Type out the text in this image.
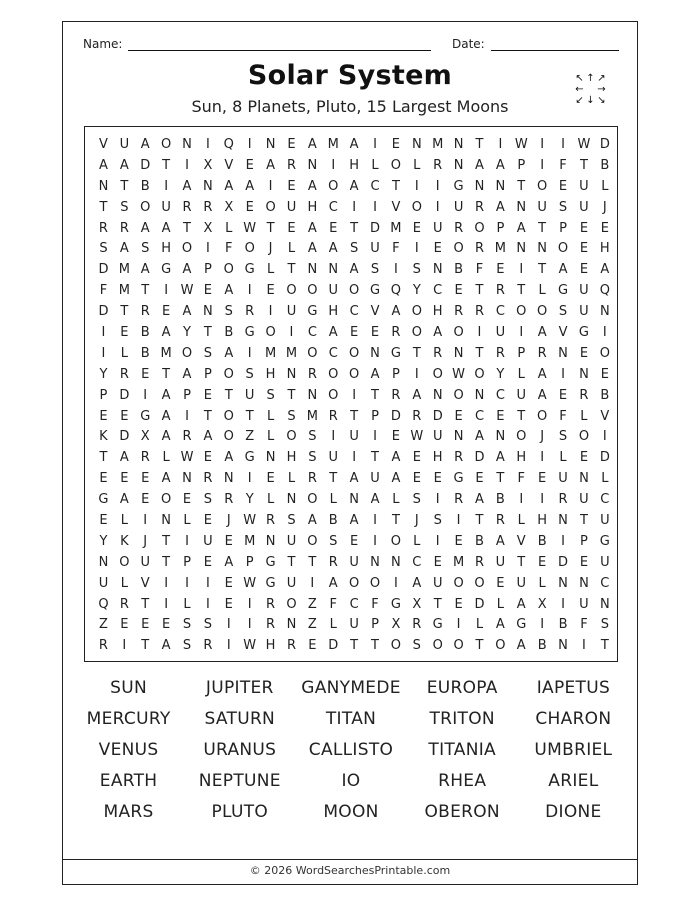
Name:	Date:
Solar System
Sun, 8 Planets, Pluto, 15 Largest Moons
↖ ↑ ↗
← →
↙ ↓ ↘
V U A O N	I	Q	I	N E A M A	I	E N M N T	I W I	I W D
A A D T	I	X V E A R N	I	H L O L R N A A P	I	F	T B
N T B	I	A N A A	I	E A O A C T	I	I	G N N T O E U L
T S O U R R X E O U H C	I	I	V O	I	U R A N U S U	J
R R A A T X L W T E A E T D M E U R O P A T P E E
S A S H O	I	F O	J	L A A S U F	I	E O R M N N O E H
D M A G A P O G L	T N N A S	I	S N B F	E	I	T A E A
F M T	I W E A	I	E O O U O G Q Y C E T R T	L G U Q
D T R E A N S R	I	U G H C V A O H R R C O O S U N
I	E B A Y T B G O	I	C A E E R O A O	I	U	I	A V G	I
I	L B M O S A	I	M M O C O N G T R N T R P R N E O
Y R E T A P O S H N R O O A P	I	O W O Y	L A	I	N E
P D	I	A P E T U S T N O	I	T R A N O N C U A E R B
E E G A	I	T O T	L	S M R T P D R D E C E T O F	L V
K D X A R A O Z L O S	I	U	I	E W U N A N O	J	S O	I
T A R L W E A G N H S U	I	T A E H R D A H	I	L	E D
E E E A N R N	I	E	L R T A U A E E G E T	F	E U N L
G A E O E S R Y	L N O L N A L	S	I	R A B	I	I	R U C
E	L	I	N L	E	J W R S A B A	I	T	J	S	I	T R L H N T U
Y K	J	T	I	U E M N U O S E	I	O L	I	E B A V B	I	P G
N O U T P E A P G T T R U N N C E M R U T E D E U
U L V	I	I	I	E W G U	I	A O O	I	A U O O E U L N N C
Q R T	I	L	I	E	I	R O Z F C F G X T E D L A X	I	U N
Z E E E S S	I	I	R N Z L U P X R G	I	L A G	I	B F	S
R	I	T A S R	I W H R E D T T O S O O T O A B N	I	T
SUN	JUPITER	GANYMEDE	EUROPA	IAPETUS
MERCURY	SATURN	TITAN	TRITON	CHARON
VENUS	URANUS	CALLISTO	TITANIA	UMBRIEL
EARTH	NEPTUNE	IO	RHEA	ARIEL
MARS	PLUTO	MOON	OBERON	DIONE
© 2026 WordSearchesPrintable.com
